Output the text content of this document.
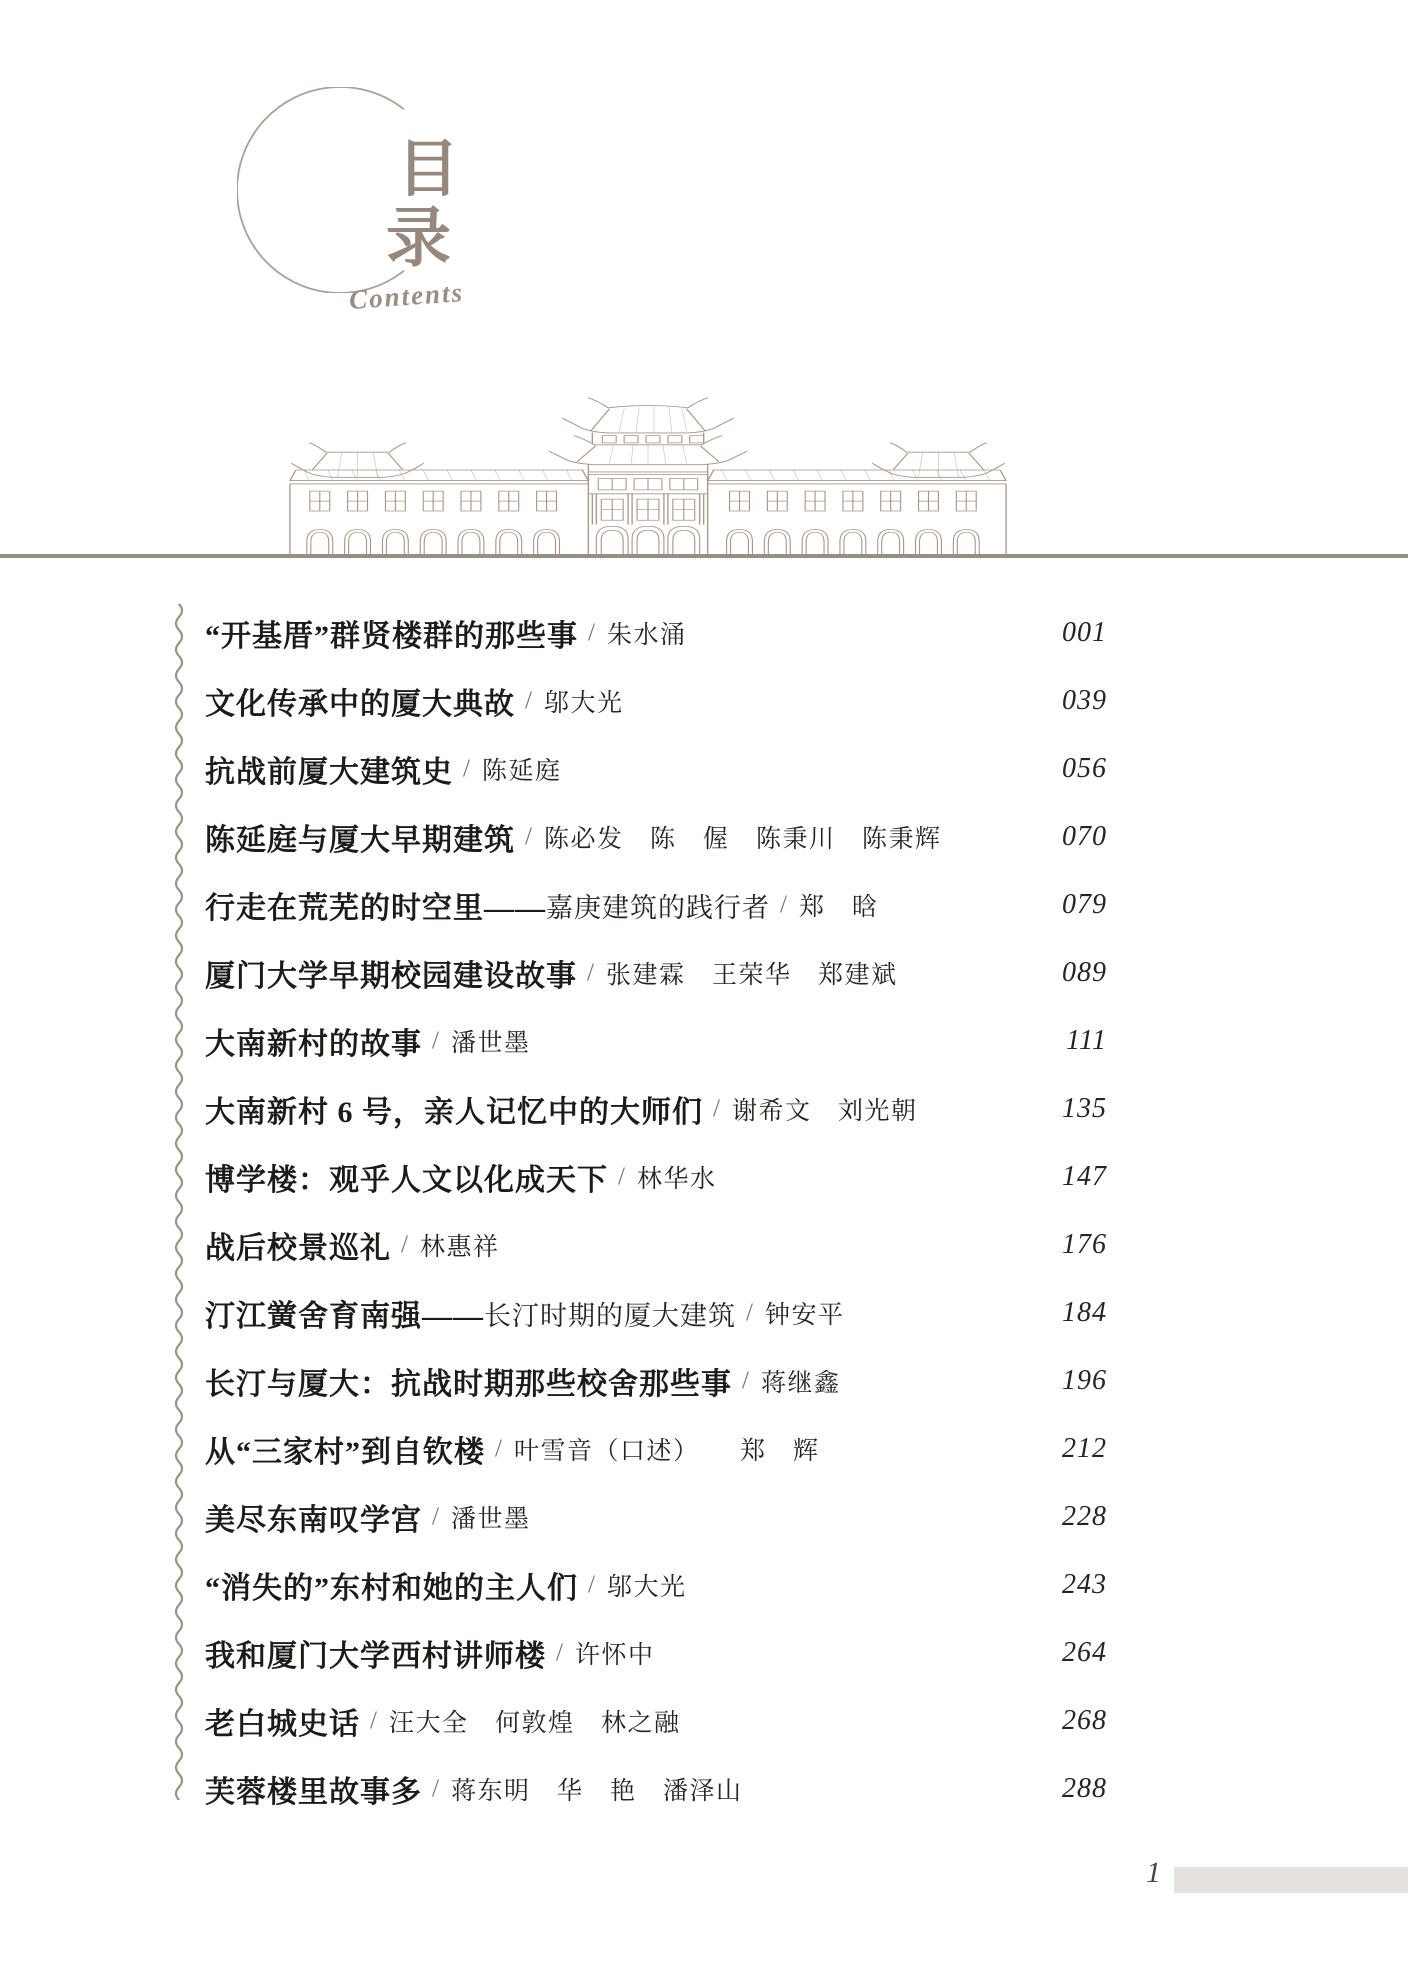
目
录
Contents
“开基厝”群贤楼群的那些事 / 朱水涌	001
文化传承中的厦大典故 / 邬大光	039
抗战前厦大建筑史 / 陈延庭	056
陈延庭与厦大早期建筑 / 陈必发　陈　偓　陈秉川　陈秉辉	070
行走在荒芜的时空里—— 嘉庚建筑的践行者 / 郑　晗	079
厦门大学早期校园建设故事 / 张建霖　王荣华　郑建斌	089
大南新村的故事 / 潘世墨	111
大南新村 6 号，亲人记忆中的大师们 / 谢希文　刘光朝	135
博学楼：观乎人文以化成天下 / 林华水	147
战后校景巡礼 / 林惠祥	176
汀江黉舍育南强—— 长汀时期的厦大建筑 / 钟安平	184
长汀与厦大：抗战时期那些校舍那些事 / 蒋继鑫	196
从“三家村”到自钦楼 / 叶雪音（口述）　　郑　辉	212
美尽东南叹学宫 / 潘世墨	228
“消失的”东村和她的主人们 / 邬大光	243
我和厦门大学西村讲师楼 / 许怀中	264
老白城史话 / 汪大全　何敦煌　林之融	268
芙蓉楼里故事多 / 蒋东明　华　艳　潘泽山	288
1
